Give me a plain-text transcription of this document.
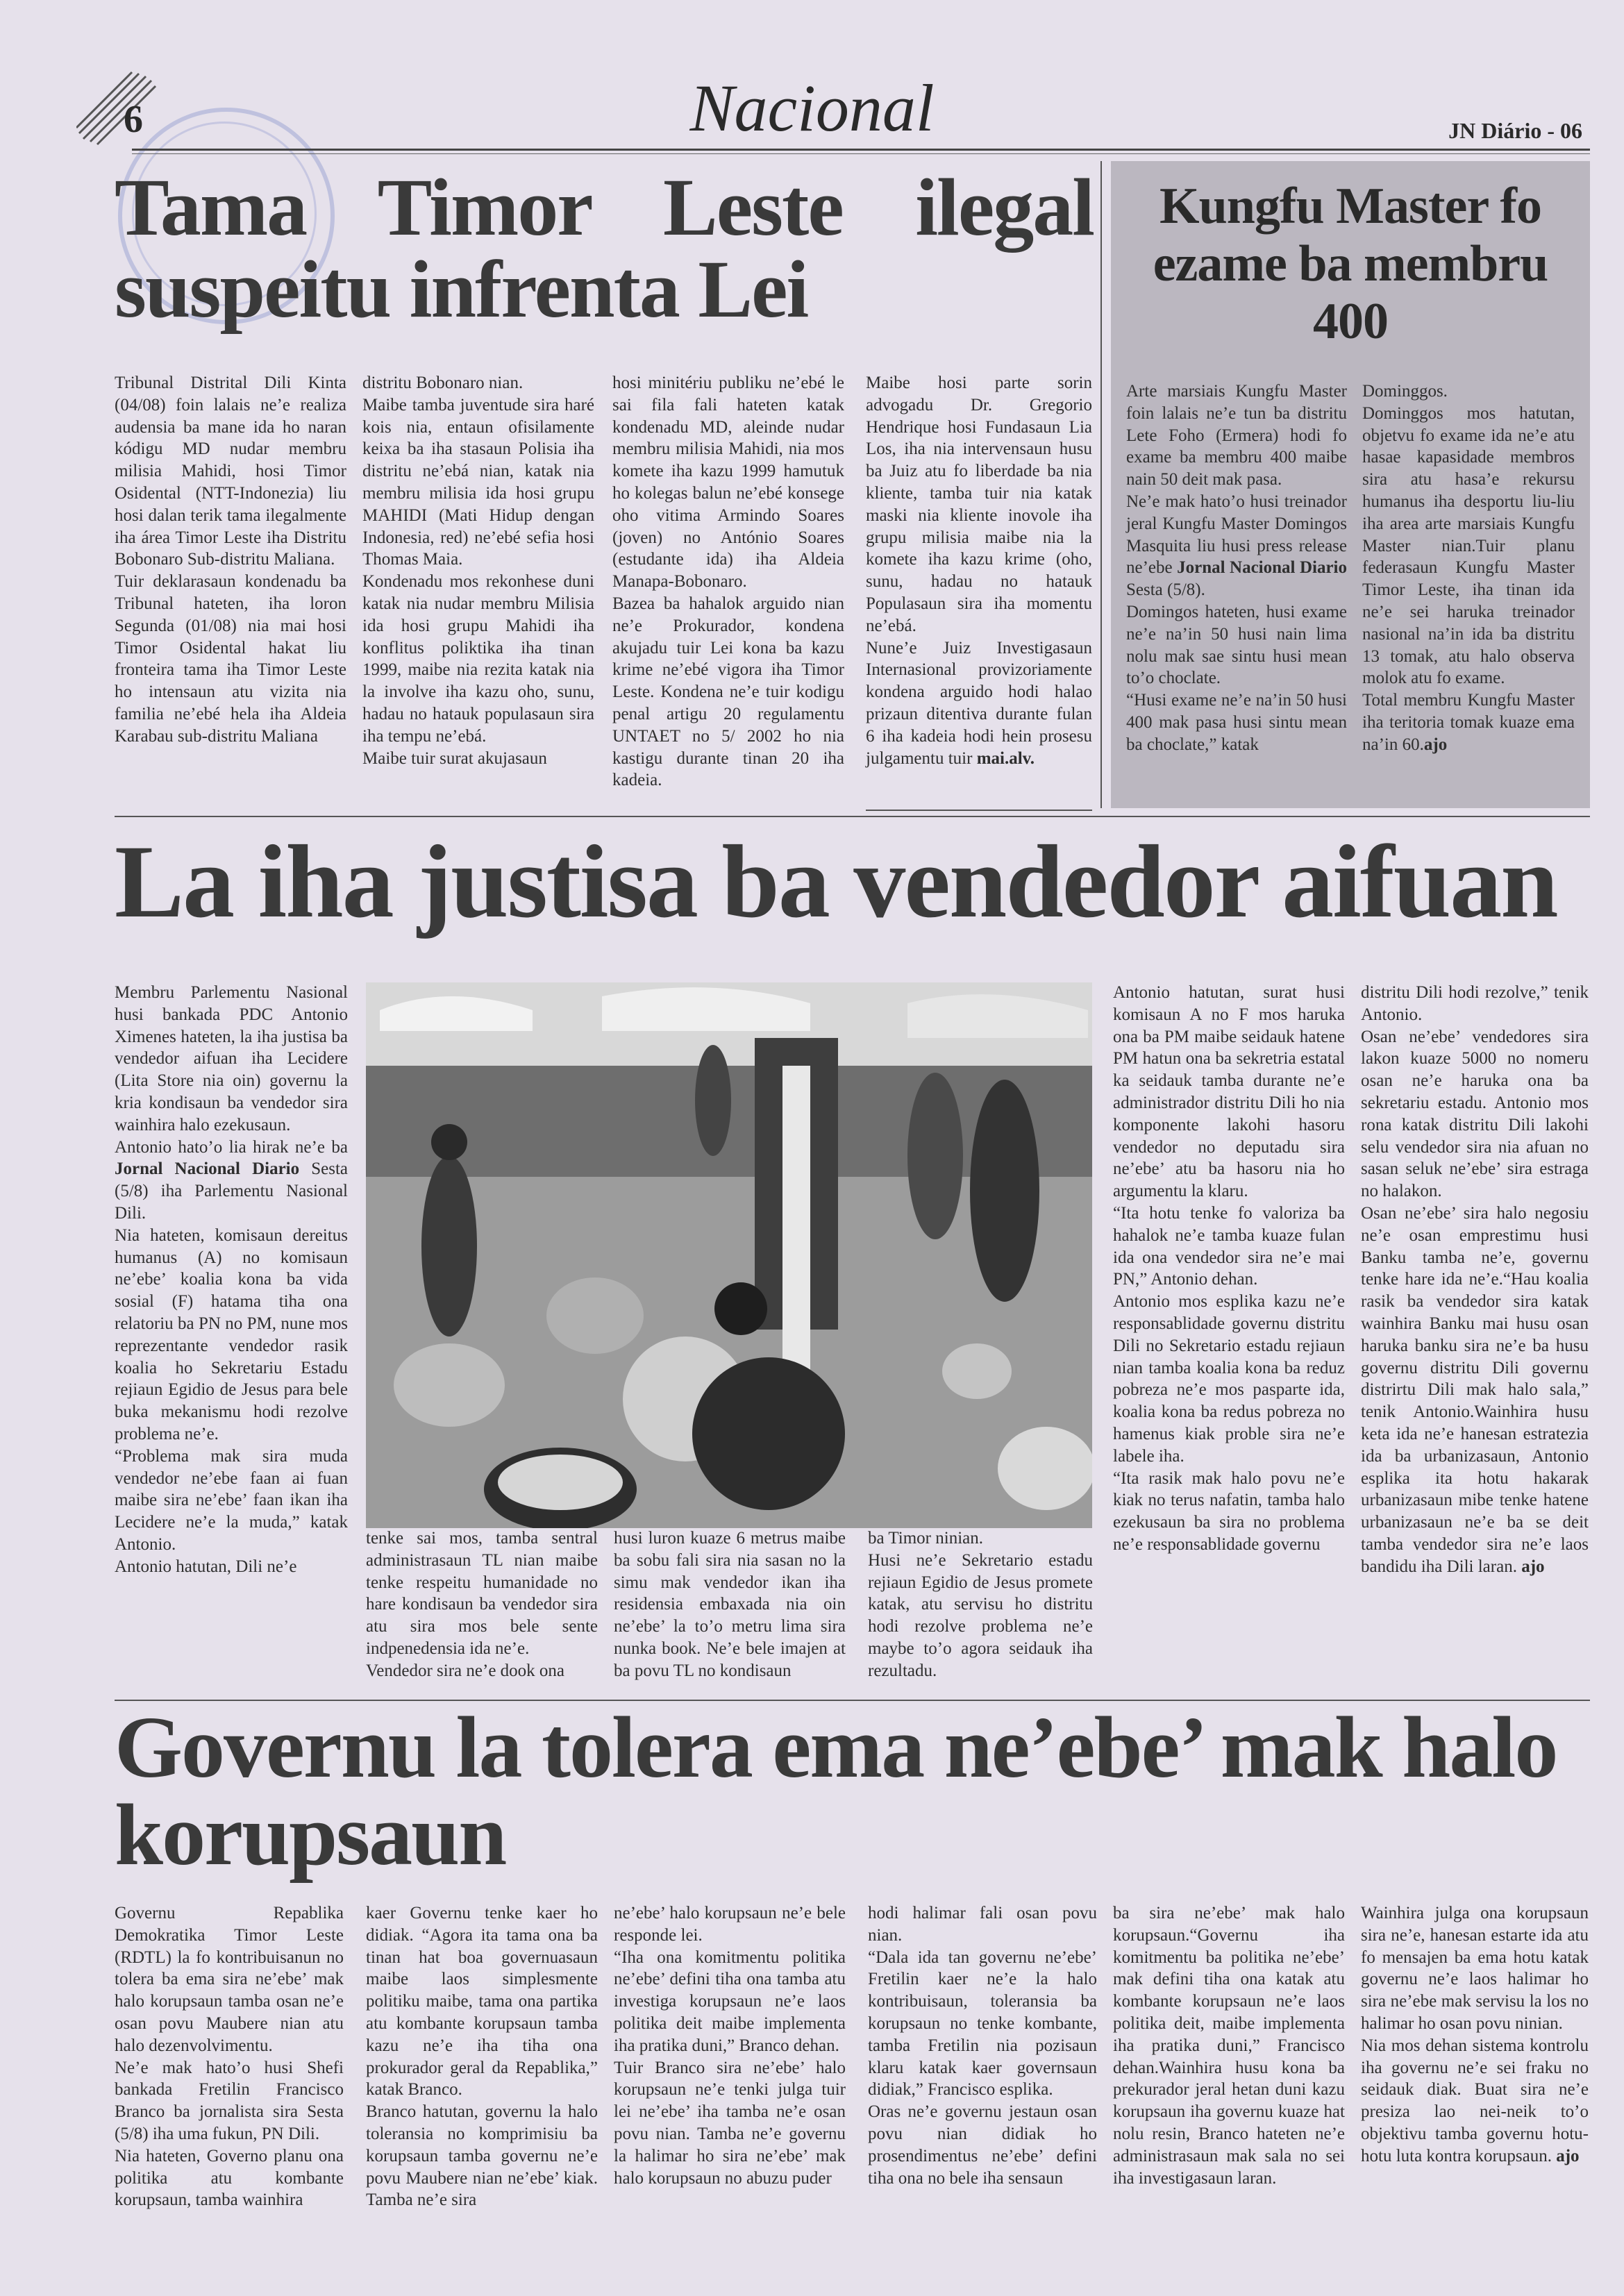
6	Nacional	JN Diário - 06
Tama Timor Leste ilegal
suspeitu infrenta Lei

Tribunal Distrital Dili Kinta (04/08) foin lalais ne’e realiza audensia ba mane ida ho naran kódigu MD nudar membru milisia Mahidi, hosi Timor Osidental (NTT-Indonezia) liu hosi dalan terik tama ilegalmente iha área Timor Leste iha Distritu Bobonaro Sub-distritu Maliana.

Tuir deklarasaun kondenadu ba Tribunal hateten, iha loron Segunda (01/08) nia mai hosi Timor Osidental hakat liu fronteira tama iha Timor Leste ho intensaun atu vizita nia familia ne’ebé hela iha Aldeia Karabau sub-distritu Maliana

distritu Bobonaro nian.

Maibe tamba juventude sira haré kois nia, entaun ofisilamente keixa ba iha stasaun Polisia iha distritu ne’ebá nian, katak nia membru milisia ida hosi grupu MAHIDI (Mati Hidup dengan Indonesia, red) ne’ebé sefia hosi Thomas Maia.

Kondenadu mos rekonhese duni katak nia nudar membru Milisia ida hosi grupu Mahidi iha konflitus poliktika iha tinan 1999, maibe nia rezita katak nia la involve iha kazu oho, sunu, hadau no hatauk populasaun sira iha tempu ne’ebá.

Maibe tuir surat akujasaun

hosi minitériu publiku ne’ebé le sai fila fali hateten katak kondenadu MD, aleinde nudar membru milisia Mahidi, nia mos komete iha kazu 1999 hamutuk ho kolegas balun ne’ebé konsege oho vitima Armindo Soares (joven) no António Soares (estudante ida) iha Aldeia Manapa-Bobonaro.

Bazea ba hahalok arguido nian ne’e Prokurador, kondena akujadu tuir Lei kona ba kazu krime ne’ebé vigora iha Timor Leste. Kondena ne’e tuir kodigu penal artigu 20 regulamentu UNTAET no 5/ 2002 ho nia kastigu durante tinan 20 iha kadeia.

Maibe hosi parte sorin advogadu Dr. Gregorio Hendrique hosi Fundasaun Lia Los, iha nia intervensaun husu ba Juiz atu fo liberdade ba nia kliente, tamba tuir nia katak maski nia kliente inovole iha grupu milisia maibe nia la komete iha kazu krime (oho, sunu, hadau no hatauk Populasaun sira iha momentu ne’ebá.

Nune’e Juiz Investigasaun Internasional provizoriamente kondena arguido hodi halao prizaun ditentiva durante fulan 6 iha kadeia hodi hein prosesu julgamentu tuir mai.alv.

Kungfu Master fo ezame ba membru 400

Arte marsiais Kungfu Master foin lalais ne’e tun ba distritu Lete Foho (Ermera) hodi fo exame ba membru 400 maibe nain 50 deit mak pasa.

Ne’e mak hato’o husi treinador jeral Kungfu Master Domingos Masquita liu husi press release ne’ebe Jornal Nacional Diario Sesta (5/8).

Domingos hateten, husi exame ne’e na’in 50 husi nain lima nolu mak sae sintu husi mean to’o choclate.

“Husi exame ne’e na’in 50 husi 400 mak pasa husi sintu mean ba choclate,” katak

Dominggos.

Dominggos mos hatutan, objetvu fo exame ida ne’e atu hasae kapasidade membros sira atu hasa’e rekursu humanus iha desportu liu-liu iha area arte marsiais Kungfu Master nian.Tuir planu federasaun Kungfu Master Timor Leste, iha tinan ida ne’e sei haruka treinador nasional na’in ida ba distritu 13 tomak, atu halo observa molok atu fo exame.

Total membru Kungfu Master iha teritoria tomak kuaze ema na’in 60.ajo

La iha justisa ba vendedor aifuan

Membru Parlementu Nasional husi bankada PDC Antonio Ximenes hateten, la iha justisa ba vendedor aifuan iha Lecidere (Lita Store nia oin) governu la kria kondisaun ba vendedor sira wainhira halo ezekusaun.

Antonio hato’o lia hirak ne’e ba Jornal Nacional Diario Sesta (5/8) iha Parlementu Nasional Dili.

Nia hateten, komisaun dereitus humanus (A) no komisaun ne’ebe’ koalia kona ba vida sosial (F) hatama tiha ona relatoriu ba PN no PM, nune mos reprezentante vendedor rasik koalia ho Sekretariu Estadu rejiaun Egidio de Jesus para bele buka mekanismu hodi rezolve problema ne’e.

“Problema mak sira muda vendedor ne’ebe faan ai fuan maibe sira ne’ebe’ faan ikan iha Lecidere ne’e la muda,” katak Antonio.

Antonio hatutan, Dili ne’e

tenke sai mos, tamba sentral administrasaun TL nian maibe tenke respeitu humanidade no hare kondisaun ba vendedor sira atu sira mos bele sente indpenedensia ida ne’e.

Vendedor sira ne’e dook ona

husi luron kuaze 6 metrus maibe ba sobu fali sira nia sasan no la simu mak vendedor ikan iha residensia embaxada nia oin ne’ebe’ la to’o metru lima sira nunka book. Ne’e bele imajen at ba povu TL no kondisaun

ba Timor ninian.

Husi ne’e Sekretario estadu rejiaun Egidio de Jesus promete katak, atu servisu ho distritu hodi rezolve problema ne’e maybe to’o agora seidauk iha rezultadu.

Antonio hatutan, surat husi komisaun A no F mos haruka ona ba PM maibe seidauk hatene PM hatun ona ba sekretria estatal ka seidauk tamba durante ne’e administrador distritu Dili ho nia komponente lakohi hasoru vendedor no deputadu sira ne’ebe’ atu ba hasoru nia ho argumentu la klaru.

“Ita hotu tenke fo valoriza ba hahalok ne’e tamba kuaze fulan ida ona vendedor sira ne’e mai PN,” Antonio dehan.

Antonio mos esplika kazu ne’e responsablidade governu distritu Dili no Sekretario estadu rejiaun nian tamba koalia kona ba reduz pobreza ne’e mos pasparte ida, koalia kona ba redus pobreza no hamenus kiak proble sira ne’e labele iha.

“Ita rasik mak halo povu ne’e kiak no terus nafatin, tamba halo ezekusaun ba sira no problema ne’e responsablidade governu

distritu Dili hodi rezolve,” tenik Antonio.

Osan ne’ebe’ vendedores sira lakon kuaze 5000 no nomeru osan ne’e haruka ona ba sekretariu estadu. Antonio mos rona katak distritu Dili lakohi selu vendedor sira nia afuan no sasan seluk ne’ebe’ sira estraga no halakon.

Osan ne’ebe’ sira halo negosiu ne’e osan emprestimu husi Banku tamba ne’e, governu tenke hare ida ne’e.“Hau koalia rasik ba vendedor sira katak wainhira Banku mai husu osan haruka banku sira ne’e ba husu governu distritu Dili governu distrirtu Dili mak halo sala,” tenik Antonio.Wainhira husu keta ida ne’e hanesan estratezia ida ba urbanizasaun, Antonio esplika ita hotu hakarak urbanizasaun mibe tenke hatene urbanizasaun ne’e ba se deit tamba vendedor sira ne’e laos bandidu iha Dili laran. ajo

Governu la tolera ema ne’ebe’ mak halo korupsaun

Governu Repablika Demokratika Timor Leste (RDTL) la fo kontribuisanun no tolera ba ema sira ne’ebe’ mak halo korupsaun tamba osan ne’e osan povu Maubere nian atu halo dezenvolvimentu.

Ne’e mak hato’o husi Shefi bankada Fretilin Francisco Branco ba jornalista sira Sesta (5/8) iha uma fukun, PN Dili.

Nia hateten, Governo planu ona politika atu kombante korupsaun, tamba wainhira

kaer Governu tenke kaer ho didiak. “Agora ita tama ona ba tinan hat boa governuasaun maibe laos simplesmente politiku maibe, tama ona partika atu kombante korupsaun tamba kazu ne’e iha tiha ona prokurador geral da Repablika,” katak Branco.

Branco hatutan, governu la halo toleransia no komprimisiu ba korupsaun tamba governu ne’e povu Maubere nian ne’ebe’ kiak. Tamba ne’e sira

ne’ebe’ halo korupsaun ne’e bele responde lei.

“Iha ona komitmentu politika ne’ebe’ defini tiha ona tamba atu investiga korupsaun ne’e laos politika deit maibe implementa iha pratika duni,” Branco dehan.

Tuir Branco sira ne’ebe’ halo korupsaun ne’e tenki julga tuir lei ne’ebe’ iha tamba ne’e osan povu nian. Tamba ne’e governu la halimar ho sira ne’ebe’ mak halo korupsaun no abuzu puder

hodi halimar fali osan povu nian.

“Dala ida tan governu ne’ebe’ Fretilin kaer ne’e la halo kontribuisaun, toleransia ba korupsaun no tenke kombante, tamba Fretilin nia pozisaun klaru katak kaer governsaun didiak,” Francisco esplika.

Oras ne’e governu jestaun osan povu nian didiak ho prosendimentus ne’ebe’ defini tiha ona no bele iha sensaun

ba sira ne’ebe’ mak halo korupsaun.“Governu iha komitmentu ba politika ne’ebe’ mak defini tiha ona katak atu kombante korupsaun ne’e laos politika deit, maibe implementa iha pratika duni,” Francisco dehan.Wainhira husu kona ba prekurador jeral hetan duni kazu korupsaun iha governu kuaze hat nolu resin, Branco hateten ne’e administrasaun mak sala no sei iha investigasaun laran.

Wainhira julga ona korupsaun sira ne’e, hanesan estarte ida atu fo mensajen ba ema hotu katak governu ne’e laos halimar ho sira ne’ebe mak servisu la los no halimar ho osan povu ninian.

Nia mos dehan sistema kontrolu iha governu ne’e sei fraku no seidauk diak. Buat sira ne’e presiza lao nei-neik to’o objektivu tamba governu hotu-hotu luta kontra korupsaun. ajo
